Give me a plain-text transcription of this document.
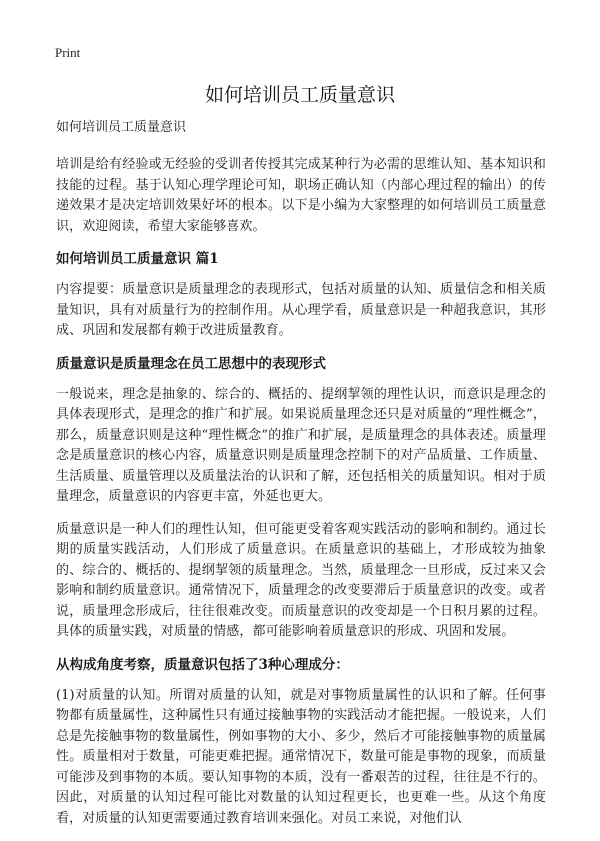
Print
如何培训员工质量意识
如何培训员工质量意识

培训是给有经验或无经验的受训者传授其完成某种行为必需的思维认知、基本知识和技能的过程。基于认知心理学理论可知，职场正确认知（内部心理过程的输出）的传递效果才是决定培训效果好坏的根本。以下是小编为大家整理的如何培训员工质量意识，欢迎阅读，希望大家能够喜欢。

如何培训员工质量意识 篇1

内容提要：质量意识是质量理念的表现形式，包括对质量的认知、质量信念和相关质量知识，具有对质量行为的控制作用。从心理学看，质量意识是一种超我意识，其形成、巩固和发展都有赖于改进质量教育。

质量意识是质量理念在员工思想中的表现形式

一般说来，理念是抽象的、综合的、概括的、提纲挈领的理性认识，而意识是理念的具体表现形式，是理念的推广和扩展。如果说质量理念还只是对质量的“理性概念”，那么，质量意识则是这种“理性概念”的推广和扩展，是质量理念的具体表述。质量理念是质量意识的核心内容，质量意识则是质量理念控制下的对产品质量、工作质量、生活质量、质量管理以及质量法治的认识和了解，还包括相关的质量知识。相对于质量理念，质量意识的内容更丰富，外延也更大。

质量意识是一种人们的理性认知，但可能更受着客观实践活动的影响和制约。通过长期的质量实践活动，人们形成了质量意识。在质量意识的基础上，才形成较为抽象的、综合的、概括的、提纲挈领的质量理念。当然，质量理念一旦形成，反过来又会影响和制约质量意识。通常情况下，质量理念的改变要滞后于质量意识的改变。或者说，质量理念形成后，往往很难改变。而质量意识的改变却是一个日积月累的过程。具体的质量实践，对质量的情感，都可能影响着质量意识的形成、巩固和发展。

从构成角度考察，质量意识包括了3种心理成分：

(1)对质量的认知。所谓对质量的认知，就是对事物质量属性的认识和了解。任何事物都有质量属性，这种属性只有通过接触事物的实践活动才能把握。一般说来，人们总是先接触事物的数量属性，例如事物的大小、多少，然后才可能接触事物的质量属性。质量相对于数量，可能更难把握。通常情况下，数量可能是事物的现象，而质量可能涉及到事物的本质。要认知事物的本质，没有一番艰苦的过程，往往是不行的。因此，对质量的认知过程可能比对数量的认知过程更长，也更难一些。从这个角度看，对质量的认知更需要通过教育培训来强化。对员工来说，对他们认
